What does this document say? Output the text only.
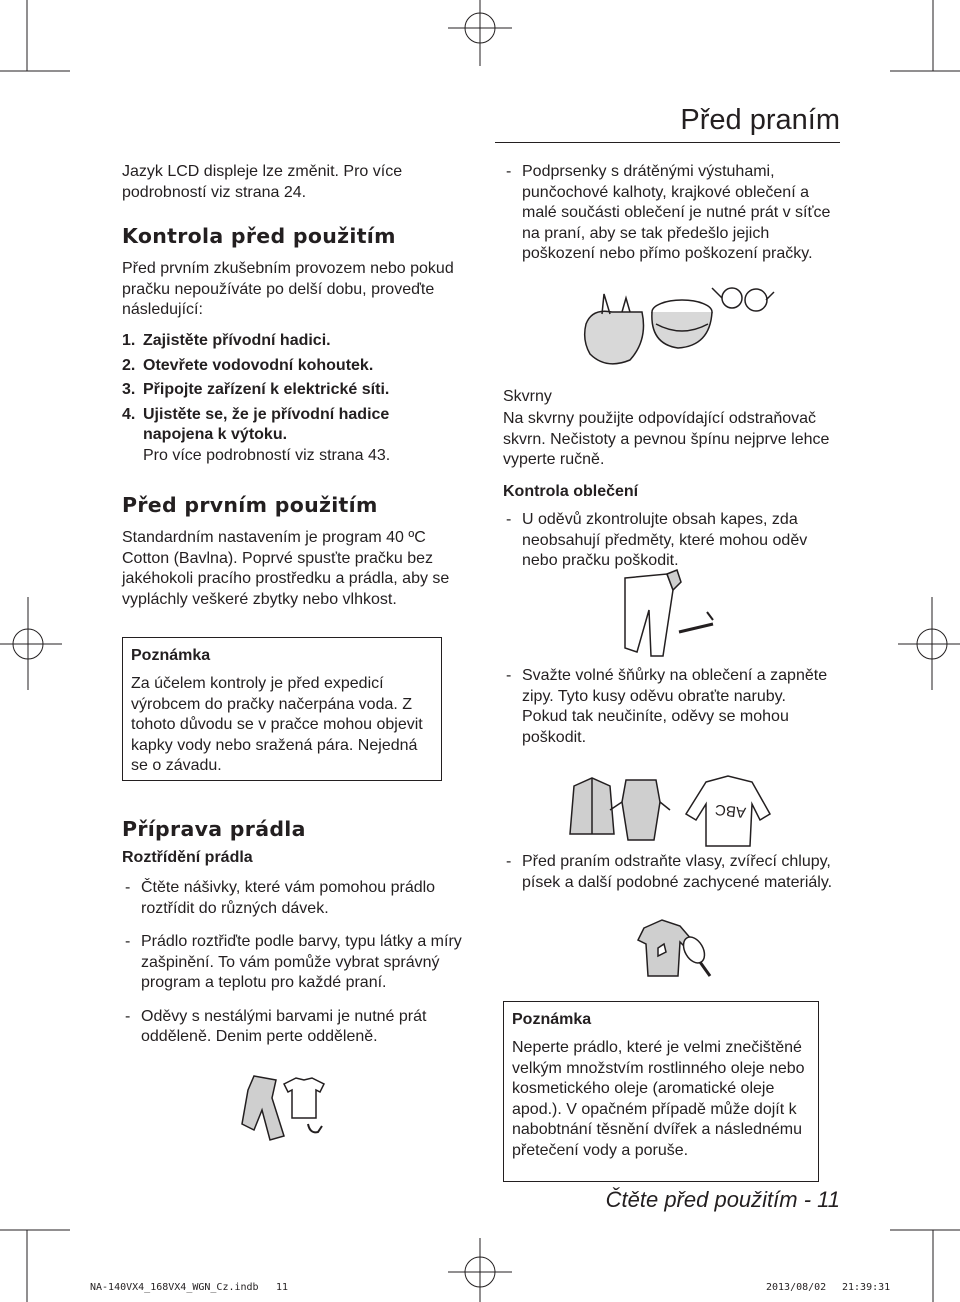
Před praním

Jazyk LCD displeje lze změnit. Pro více podrobností viz strana 24.

Kontrola před použitím

Před prvním zkušebním provozem nebo pokud pračku nepoužíváte po delší dobu, proveďte následující:

1. Zajistěte přívodní hadici.
2. Otevřete vodovodní kohoutek.
3. Připojte zařízení k elektrické síti.
4. Ujistěte se, že je přívodní hadice napojena k výtoku.
Pro více podrobností viz strana 43.
Před prvním použitím

Standardním nastavením je program 40 ºC Cotton (Bavlna). Poprvé spusťte pračku bez jakéhokoli pracího prostředku a prádla, aby se vypláchly veškeré zbytky nebo vlhkost.

Poznámka
Za účelem kontroly je před expedicí výrobcem do pračky načerpána voda. Z tohoto důvodu se v pračce mohou objevit kapky vody nebo sražená pára. Nejedná se o závadu.
Příprava prádla
Roztřídění prádla
- Čtěte nášivky, které vám pomohou prádlo roztřídit do různých dávek.
- Prádlo roztřiďte podle barvy, typu látky a míry zašpinění. To vám pomůže vybrat správný program a teplotu pro každé praní.
- Oděvy s nestálými barvami je nutné prát odděleně. Denim perte odděleně.
- Podprsenky s drátěnými výstuhami, punčochové kalhoty, krajkové oblečení a malé součásti oblečení je nutné prát v síťce na praní, aby se tak předešlo jejich poškození nebo přímo poškození pračky.
Skvrny

Na skvrny použijte odpovídající odstraňovač skvrn. Nečistoty a pevnou špínu nejprve lehce vyperte ručně.

Kontrola oblečení
- U oděvů zkontrolujte obsah kapes, zda neobsahují předměty, které mohou oděv nebo pračku poškodit.
- Svažte volné šňůrky na oblečení a zapněte zipy. Tyto kusy oděvu obraťte naruby.
Pokud tak neučiníte, oděvy se mohou poškodit.
ABC
- Před praním odstraňte vlasy, zvířecí chlupy, písek a další podobné zachycené materiály.
Poznámka
Neperte prádlo, které je velmi znečištěné velkým množstvím rostlinného oleje nebo kosmetického oleje (aromatické oleje apod.). V opačném případě může dojít k nabobtnání těsnění dvířek a následnému přetečení vody a poruše.
Čtěte před použitím - 11
NA-140VX4_168VX4_WGN_Cz.indb 11	2013/08/02 21:39:31
